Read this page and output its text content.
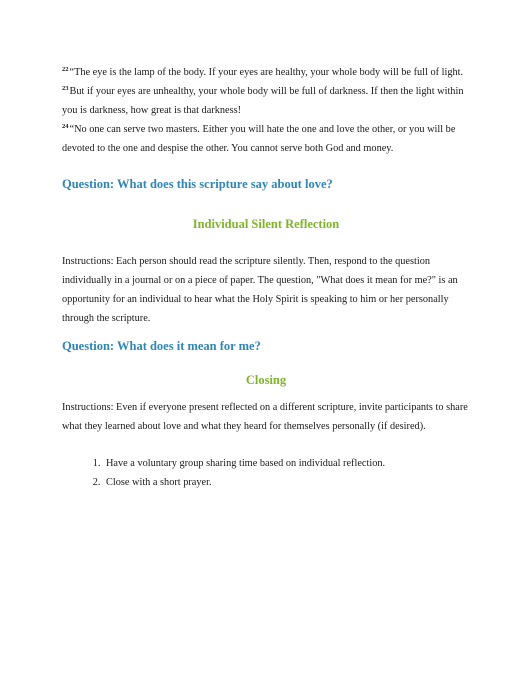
$^{22}$“The eye is the lamp of the body. If your eyes are healthy, your whole body will be full of light.

$^{23}$But if your eyes are unhealthy, your whole body will be full of darkness. If then the light within you is darkness, how great is that darkness!

$^{24}$“No one can serve two masters. Either you will hate the one and love the other, or you will be devoted to the one and despise the other. You cannot serve both God and money.

Question: What does this scripture say about love?
Individual Silent Reflection

Instructions: Each person should read the scripture silently. Then, respond to the question individually in a journal or on a piece of paper. The question, "What does it mean for me?" is an opportunity for an individual to hear what the Holy Spirit is speaking to him or her personally through the scripture.

Question: What does it mean for me?
Closing

Instructions: Even if everyone present reflected on a different scripture, invite participants to share what they learned about love and what they heard for themselves personally (if desired).

1. Have a voluntary group sharing time based on individual reflection.
2. Close with a short prayer.
